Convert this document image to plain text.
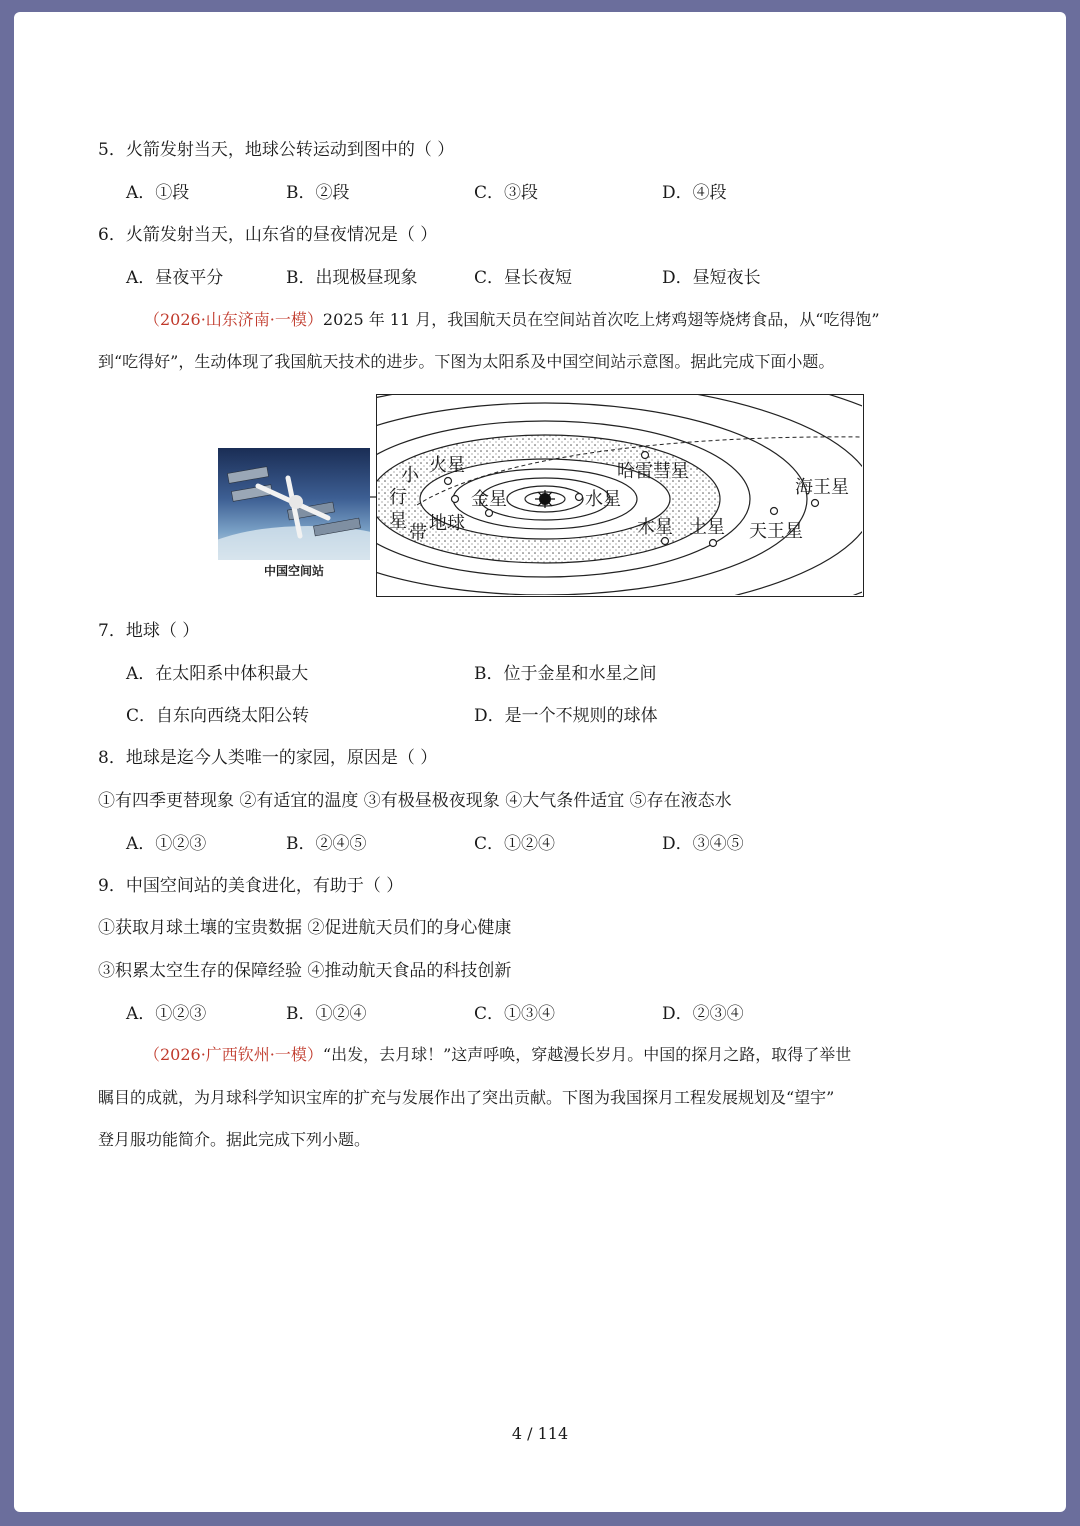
5．火箭发射当天，地球公转运动到图中的（ ）
A．①段	B．②段	C．③段	D．④段
6．火箭发射当天，山东省的昼夜情况是（ ）
A．昼夜平分	B．出现极昼现象	C．昼长夜短	D．昼短夜长
（2026·山东济南·一模）2025 年 11 月，我国航天员在空间站首次吃上烤鸡翅等烧烤食品，从“吃得饱”
到“吃得好”，生动体现了我国航天技术的进步。下图为太阳系及中国空间站示意图。据此完成下面小题。
中国空间站
小 火星
行
星
带 地球
金星	水星
哈雷彗星
木星 土星 天王星
海王星
7．地球（ ）
A．在太阳系中体积最大	B．位于金星和水星之间
C．自东向西绕太阳公转	D．是一个不规则的球体
8．地球是迄今人类唯一的家园，原因是（ ）
①有四季更替现象 ②有适宜的温度 ③有极昼极夜现象 ④大气条件适宜 ⑤存在液态水
A．①②③	B．②④⑤	C．①②④	D．③④⑤
9．中国空间站的美食进化，有助于（ ）
①获取月球土壤的宝贵数据 ②促进航天员们的身心健康
③积累太空生存的保障经验 ④推动航天食品的科技创新
A．①②③	B．①②④	C．①③④	D．②③④
（2026·广西钦州·一模）“出发，去月球！”这声呼唤，穿越漫长岁月。中国的探月之路，取得了举世
瞩目的成就，为月球科学知识宝库的扩充与发展作出了突出贡献。下图为我国探月工程发展规划及“望宇”
登月服功能简介。据此完成下列小题。
4 / 114
